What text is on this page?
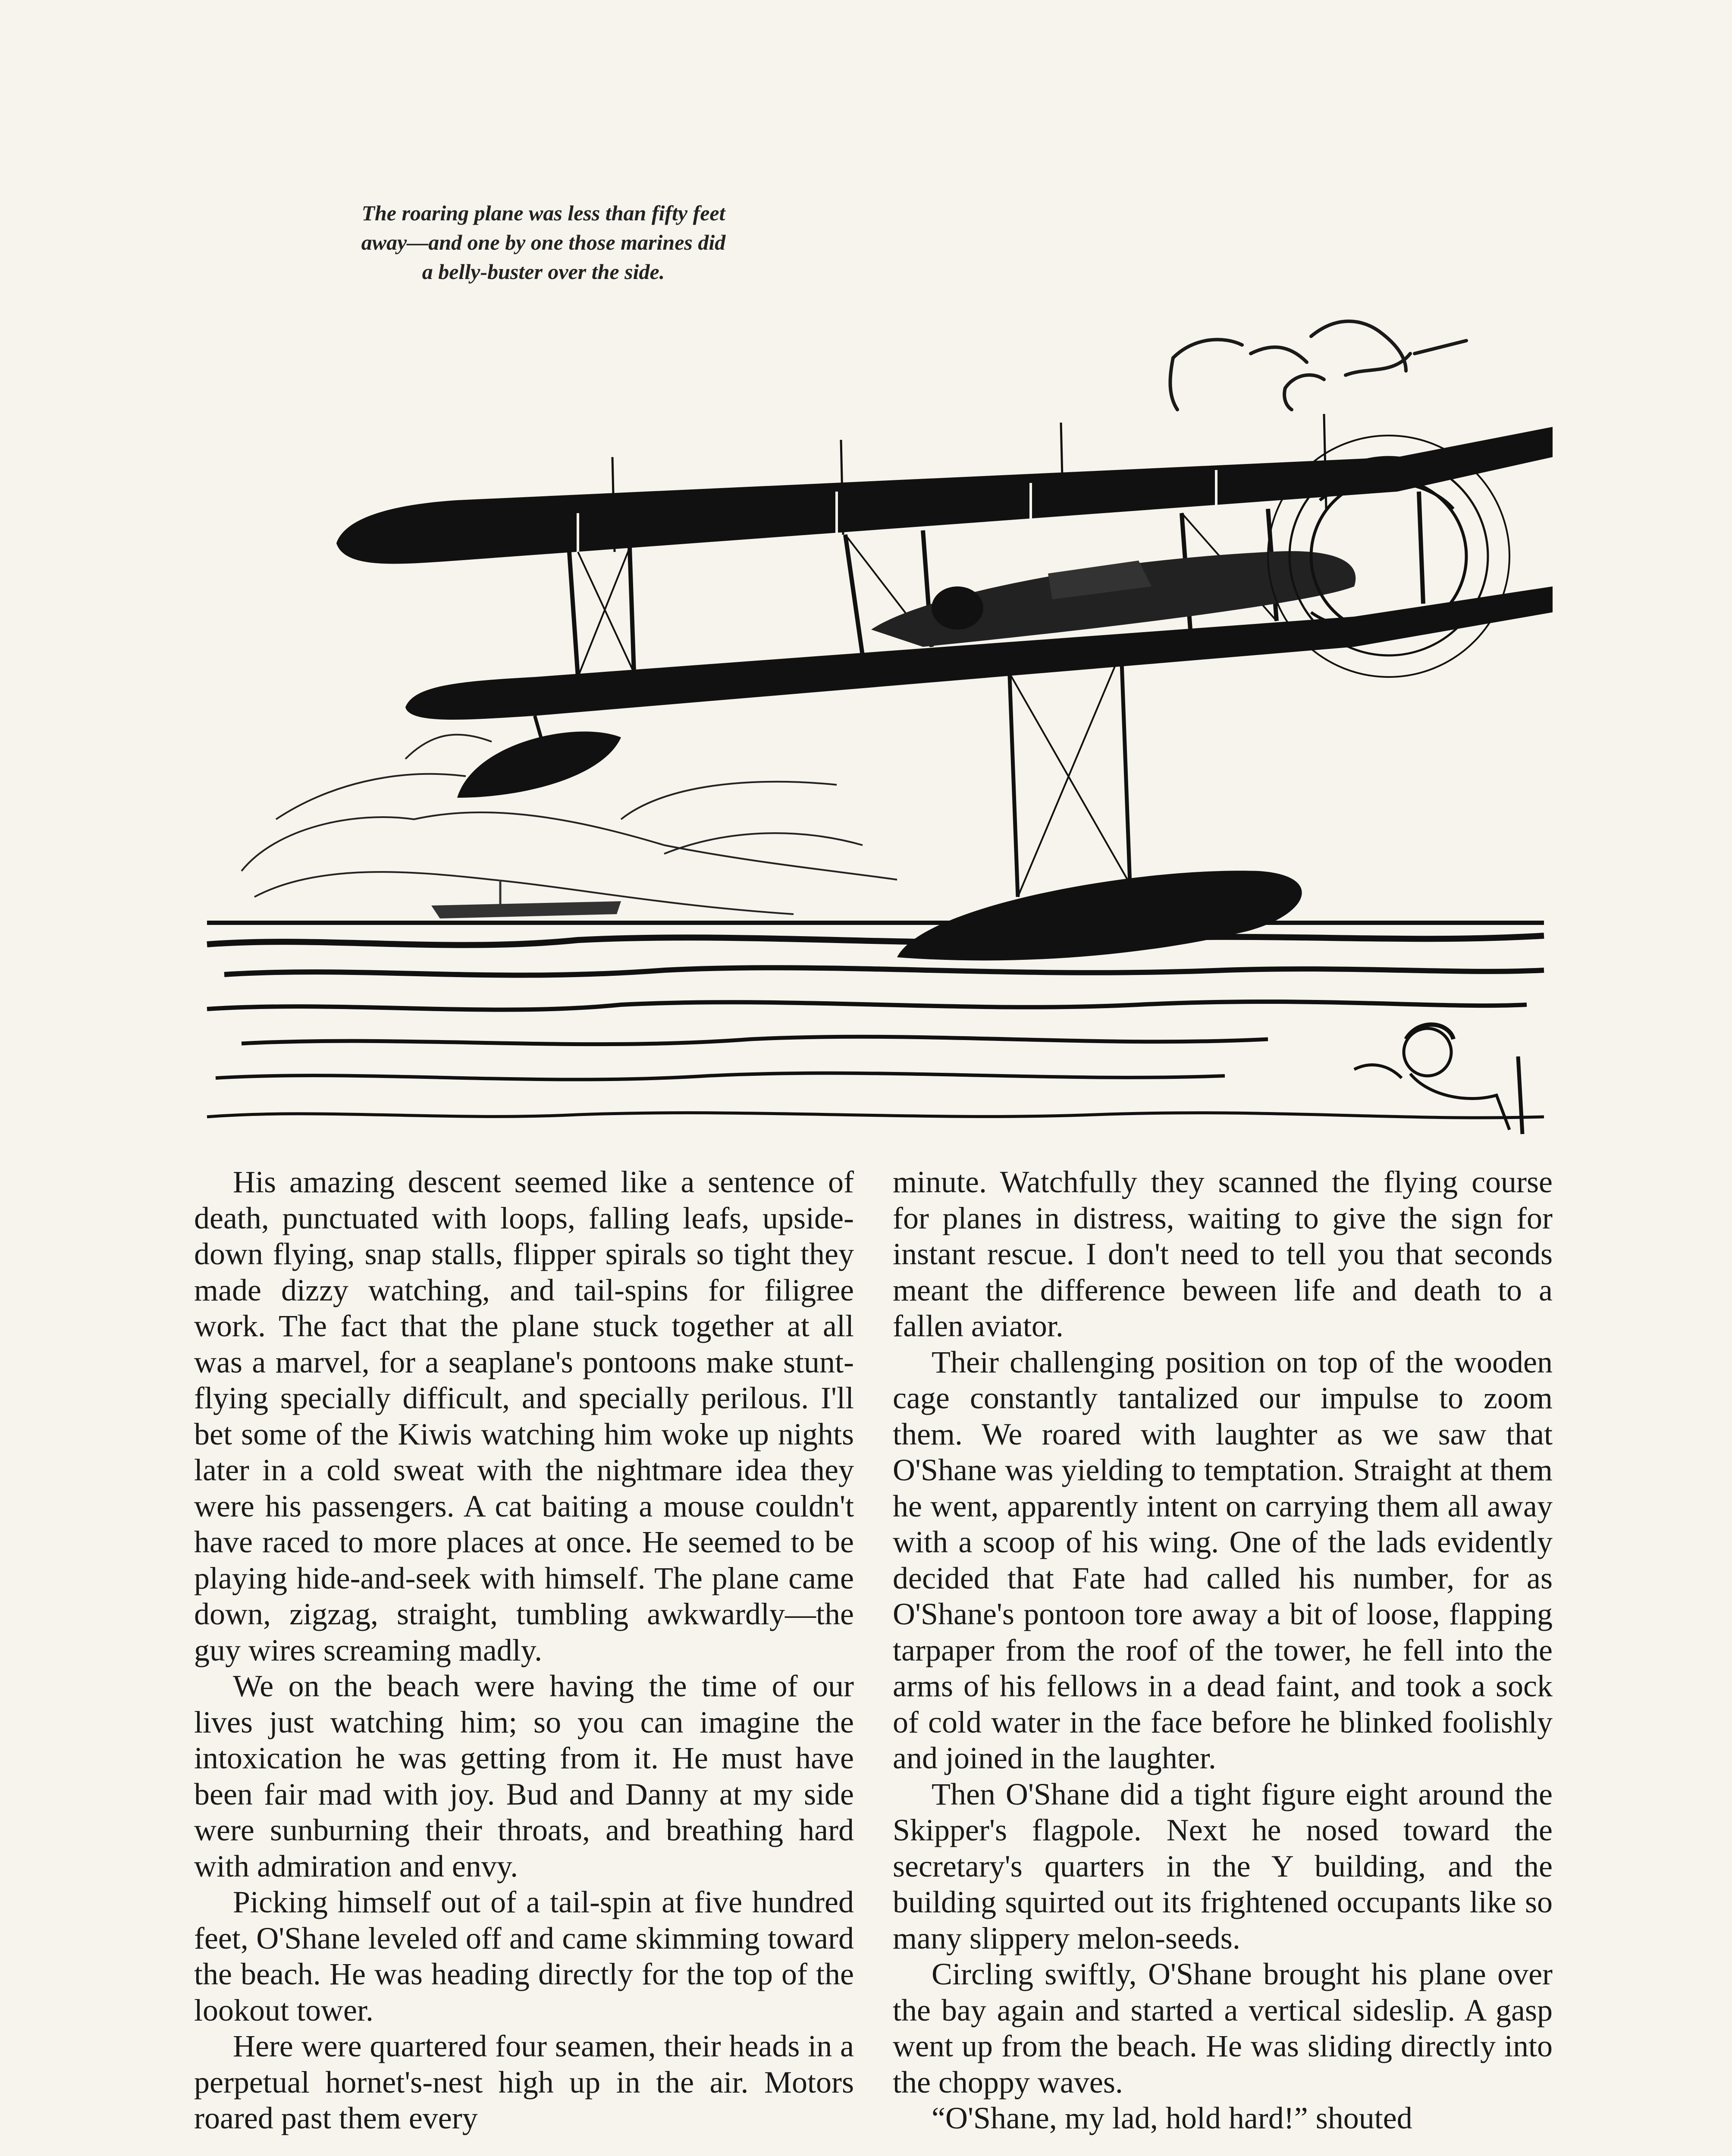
The roaring plane was less than fifty feet
away—and one by one those marines did
a belly-buster over the side.

His amazing descent seemed like a sentence of death, punctuated with loops, falling leafs, upside-down flying, snap stalls, flipper spirals so tight they made dizzy watching, and tail-spins for filigree work. The fact that the plane stuck together at all was a marvel, for a seaplane's pontoons make stunt-flying specially difficult, and specially perilous. I'll bet some of the Kiwis watching him woke up nights later in a cold sweat with the nightmare idea they were his passengers. A cat baiting a mouse couldn't have raced to more places at once. He seemed to be playing hide-and-seek with himself. The plane came down, zigzag, straight, tumbling awkwardly—the guy wires screaming madly.

We on the beach were having the time of our lives just watching him; so you can imagine the intoxication he was getting from it. He must have been fair mad with joy. Bud and Danny at my side were sunburning their throats, and breathing hard with admiration and envy.

Picking himself out of a tail-spin at five hundred feet, O'Shane leveled off and came skimming toward the beach. He was heading directly for the top of the lookout tower.

Here were quartered four seamen, their heads in a perpetual hornet's-nest high up in the air. Motors roared past them every

minute. Watchfully they scanned the flying course for planes in distress, waiting to give the sign for instant rescue. I don't need to tell you that seconds meant the difference beween life and death to a fallen aviator.

Their challenging position on top of the wooden cage constantly tantalized our impulse to zoom them. We roared with laughter as we saw that O'Shane was yielding to temptation. Straight at them he went, apparently intent on carrying them all away with a scoop of his wing. One of the lads evidently decided that Fate had called his number, for as O'Shane's pontoon tore away a bit of loose, flapping tarpaper from the roof of the tower, he fell into the arms of his fellows in a dead faint, and took a sock of cold water in the face before he blinked foolishly and joined in the laughter.

Then O'Shane did a tight figure eight around the Skipper's flagpole. Next he nosed toward the secretary's quarters in the Y building, and the building squirted out its frightened occupants like so many slippery melon-seeds.

Circling swiftly, O'Shane brought his plane over the bay again and started a vertical sideslip. A gasp went up from the beach. He was sliding directly into the choppy waves.

“O'Shane, my lad, hold hard!” shouted
